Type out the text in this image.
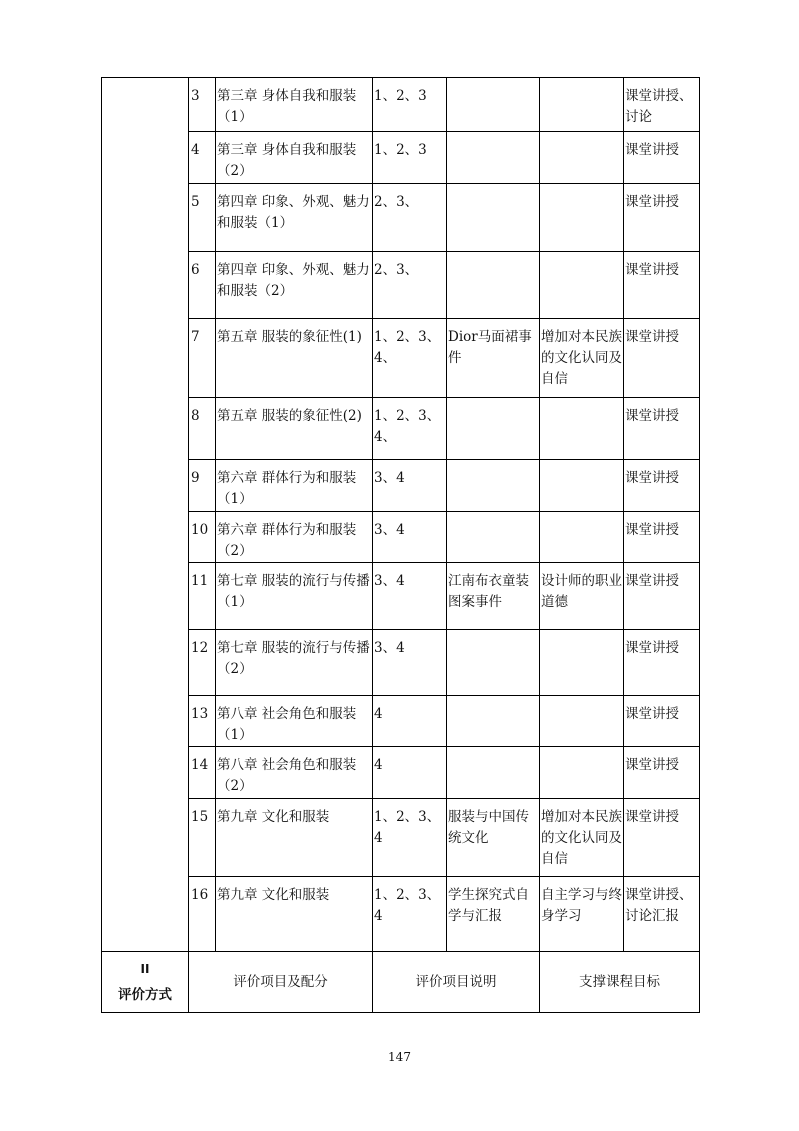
	3	第三章 身体自我和服装（1）	1、2、3			课堂讲授、讨论
	4	第三章 身体自我和服装（2）	1、2、3			课堂讲授
	5	第四章 印象、外观、魅力和服装（1）	2、3、			课堂讲授
	6	第四章 印象、外观、魅力和服装（2）	2、3、			课堂讲授
	7	第五章 服装的象征性(1)	1、2、3、4、	Dior马面裙事件	增加对本民族的文化认同及自信	课堂讲授
	8	第五章 服装的象征性(2)	1、2、3、4、			课堂讲授
	9	第六章 群体行为和服装（1）	3、4			课堂讲授
	10	第六章 群体行为和服装（2）	3、4			课堂讲授
	11	第七章 服装的流行与传播（1）	3、4	江南布衣童装图案事件	设计师的职业道德	课堂讲授
	12	第七章 服装的流行与传播（2）	3、4			课堂讲授
	13	第八章 社会角色和服装（1）	4			课堂讲授
	14	第八章 社会角色和服装（2）	4			课堂讲授
	15	第九章 文化和服装	1、2、3、4	服装与中国传统文化	增加对本民族的文化认同及自信	课堂讲授
	16	第九章 文化和服装	1、2、3、4	学生探究式自学与汇报	自主学习与终身学习	课堂讲授、讨论汇报

II
评价方式	评价项目及配分		评价项目说明		支撑课程目标	
147
